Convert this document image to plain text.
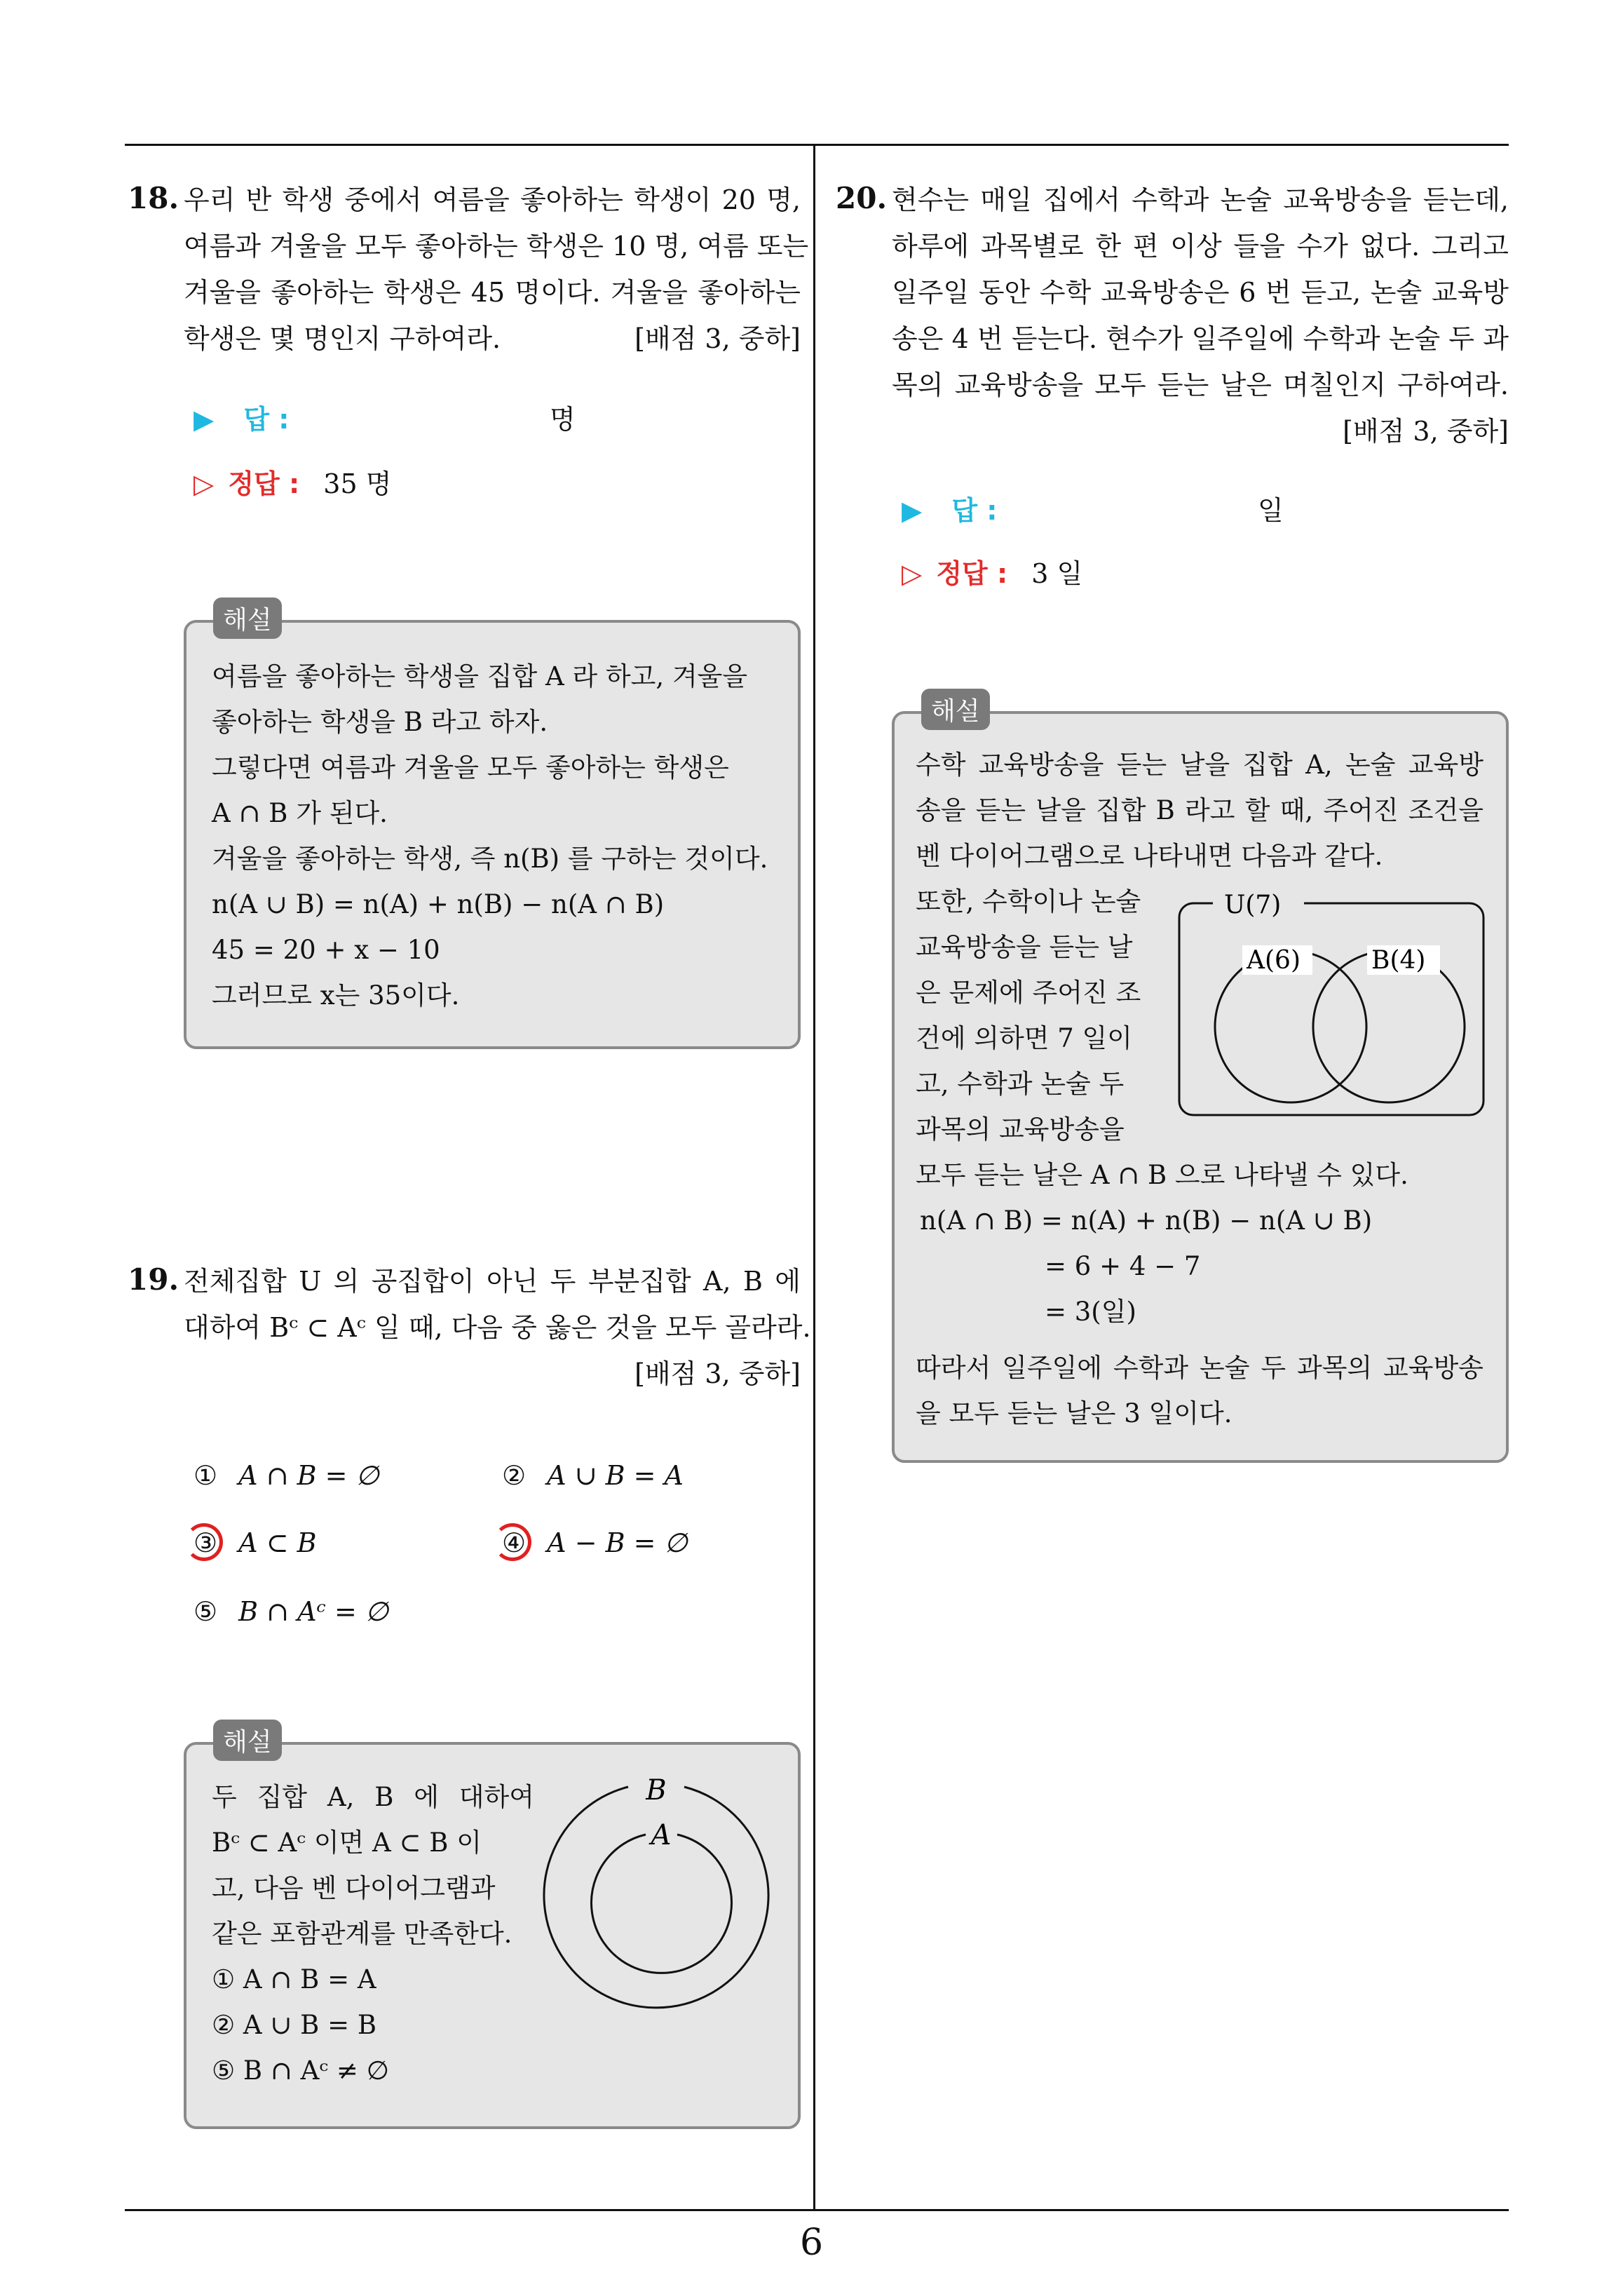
6
18. 우리 반 학생 중에서 여름을 좋아하는 학생이 20 명,
여름과 겨울을 모두 좋아하는 학생은 10 명, 여름 또는
겨울을 좋아하는 학생은 45 명이다. 겨울을 좋아하는
학생은 몇 명인지 구하여라.	[배점 3, 중하]
▶ 답 :	명
▷ 정답 : 35 명
여름을 좋아하는 학생을 집합 A 라 하고, 겨울을
좋아하는 학생을 B 라고 하자.
그렇다면 여름과 겨울을 모두 좋아하는 학생은
A ∩ B 가 된다.
겨울을 좋아하는 학생, 즉 n(B) 를 구하는 것이다.
n(A ∪ B) = n(A) + n(B) − n(A ∩ B)
45 = 20 + x − 10
그러므로 x는 35이다.
해설
19. 전체집합 U 의 공집합이 아닌 두 부분집합 A, B 에
대하여 Bᶜ ⊂ Aᶜ 일 때, 다음 중 옳은 것을 모두 골라라.
[배점 3, 중하]
① A ∩ B = ∅	② A ∪ B = A
③ A ⊂ B	④ A − B = ∅
⑤ B ∩ Aᶜ = ∅
두 집합 A, B 에 대하여
Bᶜ ⊂ Aᶜ 이면 A ⊂ B 이
고, 다음 벤 다이어그램과
같은 포함관계를 만족한다.
① A ∩ B = A
② A ∪ B = B
⑤ B ∩ Aᶜ ≠ ∅
B
A
해설
20. 현수는 매일 집에서 수학과 논술 교육방송을 듣는데,
하루에 과목별로 한 편 이상 들을 수가 없다. 그리고
일주일 동안 수학 교육방송은 6 번 듣고, 논술 교육방
송은 4 번 듣는다. 현수가 일주일에 수학과 논술 두 과
목의 교육방송을 모두 듣는 날은 며칠인지 구하여라.
[배점 3, 중하]
▶ 답 :	일
▷ 정답 : 3 일
수학 교육방송을 듣는 날을 집합 A, 논술 교육방
송을 듣는 날을 집합 B 라고 할 때, 주어진 조건을
벤 다이어그램으로 나타내면 다음과 같다.
또한, 수학이나 논술
교육방송을 듣는 날
은 문제에 주어진 조
건에 의하면 7 일이
고, 수학과 논술 두
과목의 교육방송을
U(7)
A(6)	B(4)
모두 듣는 날은 A ∩ B 으로 나타낼 수 있다.
n(A ∩ B) = n(A) + n(B) − n(A ∪ B)
= 6 + 4 − 7
= 3(일)
따라서 일주일에 수학과 논술 두 과목의 교육방송
을 모두 듣는 날은 3 일이다.
해설
